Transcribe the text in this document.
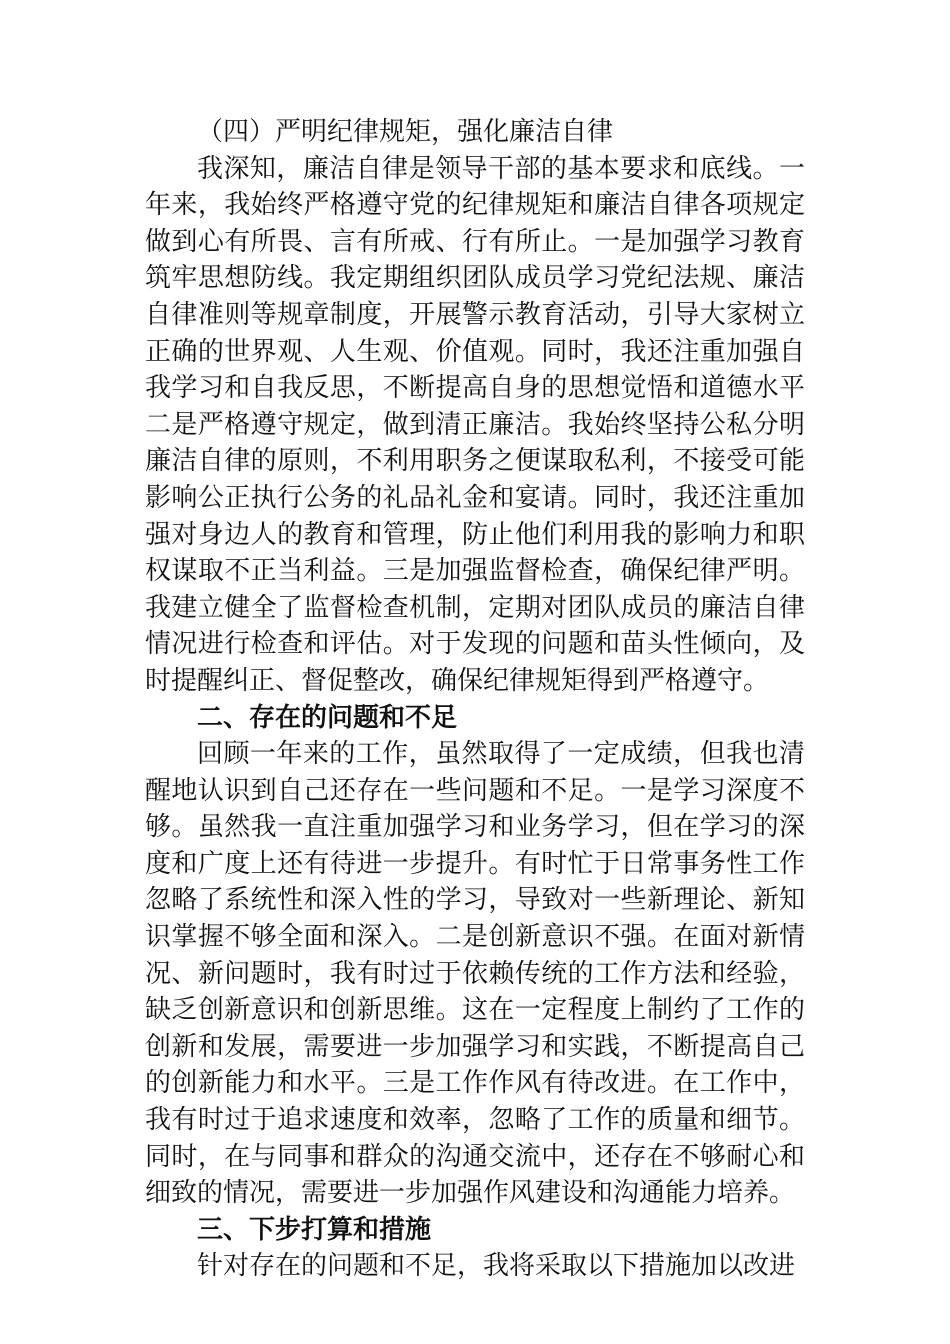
（四）严明纪律规矩，强化廉洁自律
我深知，廉洁自律是领导干部的基本要求和底线。一
年来，我始终严格遵守党的纪律规矩和廉洁自律各项规定
做到心有所畏、言有所戒、行有所止。一是加强学习教育
筑牢思想防线。我定期组织团队成员学习党纪法规、廉洁
自律准则等规章制度，开展警示教育活动，引导大家树立
正确的世界观、人生观、价值观。同时，我还注重加强自
我学习和自我反思，不断提高自身的思想觉悟和道德水平
二是严格遵守规定，做到清正廉洁。我始终坚持公私分明
廉洁自律的原则，不利用职务之便谋取私利，不接受可能
影响公正执行公务的礼品礼金和宴请。同时，我还注重加
强对身边人的教育和管理，防止他们利用我的影响力和职
权谋取不正当利益。三是加强监督检查，确保纪律严明。
我建立健全了监督检查机制，定期对团队成员的廉洁自律
情况进行检查和评估。对于发现的问题和苗头性倾向，及
时提醒纠正、督促整改，确保纪律规矩得到严格遵守。
二、存在的问题和不足
回顾一年来的工作，虽然取得了一定成绩，但我也清
醒地认识到自己还存在一些问题和不足。一是学习深度不
够。虽然我一直注重加强学习和业务学习，但在学习的深
度和广度上还有待进一步提升。有时忙于日常事务性工作
忽略了系统性和深入性的学习，导致对一些新理论、新知
识掌握不够全面和深入。二是创新意识不强。在面对新情
况、新问题时，我有时过于依赖传统的工作方法和经验，
缺乏创新意识和创新思维。这在一定程度上制约了工作的
创新和发展，需要进一步加强学习和实践，不断提高自己
的创新能力和水平。三是工作作风有待改进。在工作中，
我有时过于追求速度和效率，忽略了工作的质量和细节。
同时，在与同事和群众的沟通交流中，还存在不够耐心和
细致的情况，需要进一步加强作风建设和沟通能力培养。
三、下步打算和措施
针对存在的问题和不足，我将采取以下措施加以改进
